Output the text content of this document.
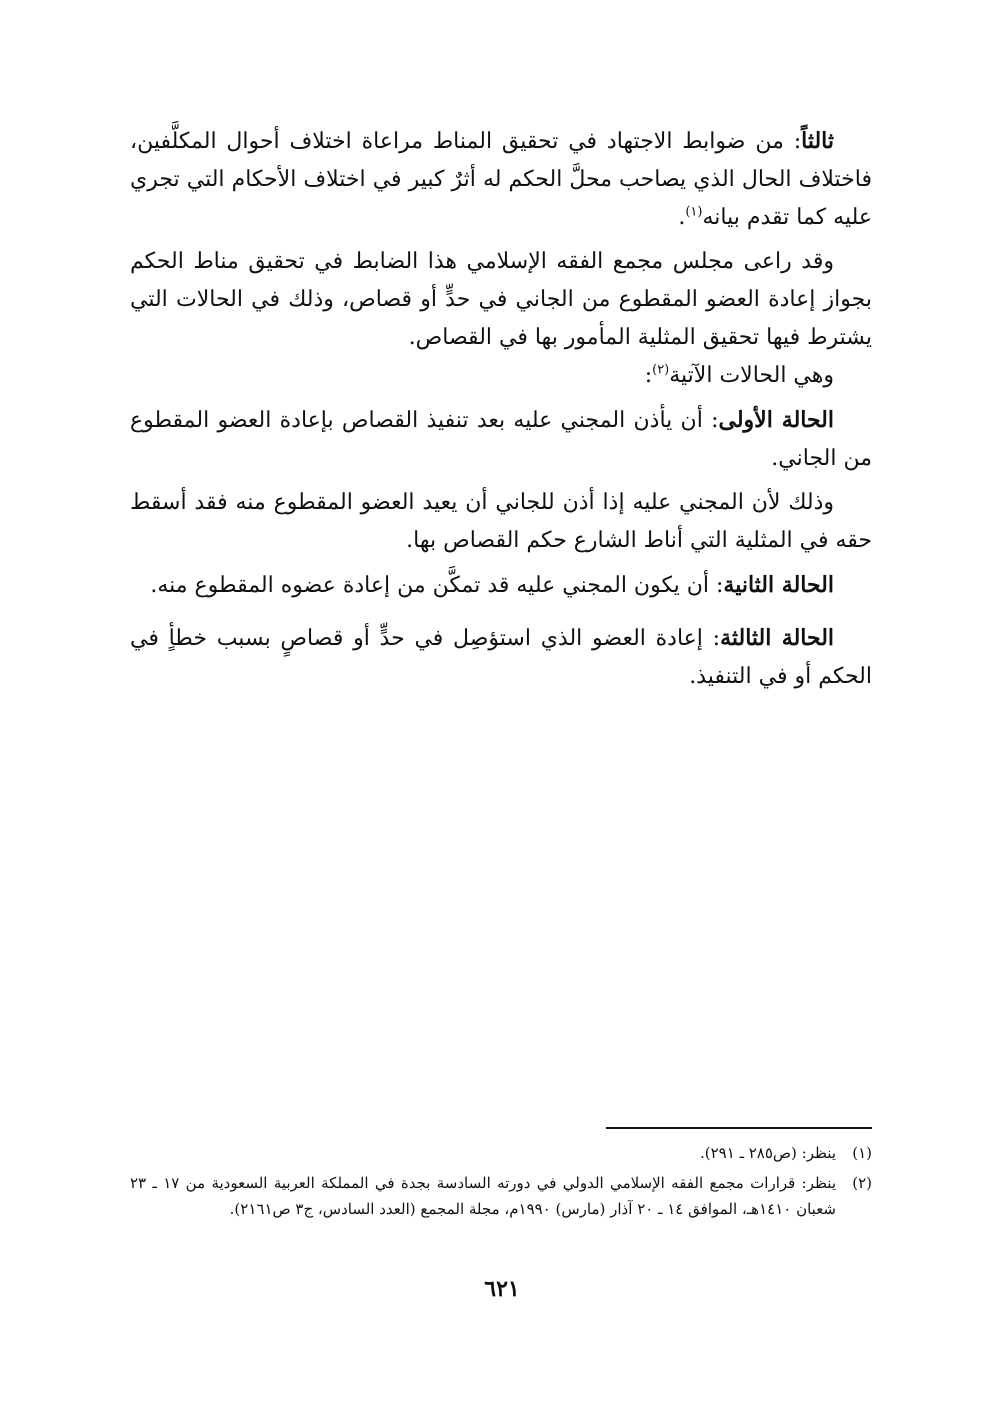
ثالثاً: من ضوابط الاجتهاد في تحقيق المناط مراعاة اختلاف أحوال المكلَّفين، فاختلاف الحال الذي يصاحب محلَّ الحكم له أثرٌ كبير في اختلاف الأحكام التي تجري عليه كما تقدم بيانه$^{(١)}$.

وقد راعى مجلس مجمع الفقه الإسلامي هذا الضابط في تحقيق مناط الحكم بجواز إعادة العضو المقطوع من الجاني في حدٍّ أو قصاص، وذلك في الحالات التي يشترط فيها تحقيق المثلية المأمور بها في القصاص.

وهي الحالات الآتية$^{(٢)}$:

الحالة الأولى: أن يأذن المجني عليه بعد تنفيذ القصاص بإعادة العضو المقطوع من الجاني.

وذلك لأن المجني عليه إذا أذن للجاني أن يعيد العضو المقطوع منه فقد أسقط حقه في المثلية التي أناط الشارع حكم القصاص بها.

الحالة الثانية: أن يكون المجني عليه قد تمكَّن من إعادة عضوه المقطوع منه.

الحالة الثالثة: إعادة العضو الذي استؤصِل في حدٍّ أو قصاصٍ بسبب خطأٍ في الحكم أو في التنفيذ.

(١)
ينظر: (ص٢٨٥ ـ ٢٩١).
(٢)
ينظر: قرارات مجمع الفقه الإسلامي الدولي في دورته السادسة بجدة في المملكة العربية السعودية من ١٧ ـ ٢٣ شعبان ١٤١٠هـ، الموافق ١٤ ـ ٢٠ آذار (مارس) ١٩٩٠م، مجلة المجمع (العدد السادس، ج٣ ص٢١٦١).
٦٢١
